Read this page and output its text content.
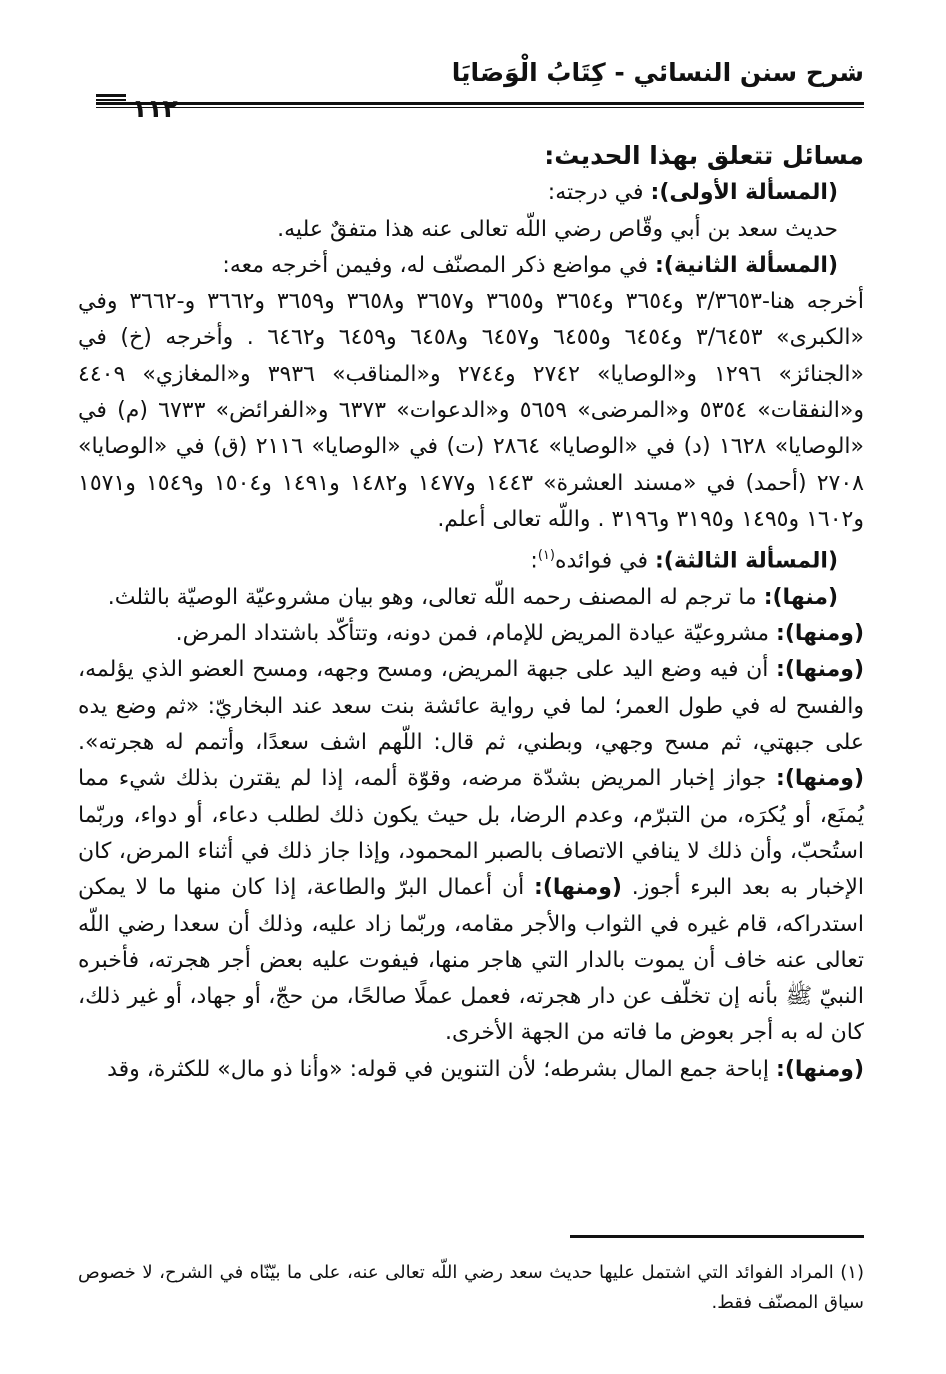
شرح سنن النسائي - كِتَابُ الْوَصَايَا
١١٢
مسائل تتعلق بهذا الحديث:

(المسألة الأولى): في درجته:

حديث سعد بن أبي وقّاص رضي اللّه تعالى عنه هذا متفقٌ عليه.

(المسألة الثانية): في مواضع ذكر المصنّف له، وفيمن أخرجه معه:

أخرجه هنا-٣/٣٦٥٣ و٣٦٥٤ و٣٦٥٤ و٣٦٥٥ و٣٦٥٧ و٣٦٥٨ و٣٦٥٩ و٣٦٦٢ و-٣٦٦٢ وفي «الكبرى» ٣/٦٤٥٣ و٦٤٥٤ و٦٤٥٥ و٦٤٥٧ و٦٤٥٨ و٦٤٥٩ و٦٤٦٢ . وأخرجه (خ) في «الجنائز» ١٢٩٦ و«الوصايا» ٢٧٤٢ و٢٧٤٤ و«المناقب» ٣٩٣٦ و«المغازي» ٤٤٠٩ و«النفقات» ٥٣٥٤ و«المرضى» ٥٦٥٩ و«الدعوات» ٦٣٧٣ و«الفرائض» ٦٧٣٣ (م) في «الوصايا» ١٦٢٨ (د) في «الوصايا» ٢٨٦٤ (ت) في «الوصايا» ٢١١٦ (ق) في «الوصايا» ٢٧٠٨ (أحمد) في «مسند العشرة» ١٤٤٣ و١٤٧٧ و١٤٨٢ و١٤٩١ و١٥٠٤ و١٥٤٩ و١٥٧١ و١٦٠٢ و١٤٩٥ و٣١٩٥ و٣١٩٦ . واللّه تعالى أعلم.

(المسألة الثالثة): في فوائده$^{(١)}$:

(منها): ما ترجم له المصنف رحمه اللّه تعالى، وهو بيان مشروعيّة الوصيّة بالثلث.

(ومنها): مشروعيّة عيادة المريض للإمام، فمن دونه، وتتأكّد باشتداد المرض.

(ومنها): أن فيه وضع اليد على جبهة المريض، ومسح وجهه، ومسح العضو الذي يؤلمه، والفسح له في طول العمر؛ لما في رواية عائشة بنت سعد عند البخاريّ: «ثم وضع يده على جبهتي، ثم مسح وجهي، وبطني، ثم قال: اللّهم اشف سعدًا، وأتمم له هجرته». (ومنها): جواز إخبار المريض بشدّة مرضه، وقوّة ألمه، إذا لم يقترن بذلك شيء مما يُمنَع، أو يُكرَه، من التبرّم، وعدم الرضا، بل حيث يكون ذلك لطلب دعاء، أو دواء، وربّما استُحبّ، وأن ذلك لا ينافي الاتصاف بالصبر المحمود، وإذا جاز ذلك في أثناء المرض، كان الإخبار به بعد البرء أجوز. (ومنها): أن أعمال البرّ والطاعة، إذا كان منها ما لا يمكن استدراكه، قام غيره في الثواب والأجر مقامه، وربّما زاد عليه، وذلك أن سعدا رضي اللّه تعالى عنه خاف أن يموت بالدار التي هاجر منها، فيفوت عليه بعض أجر هجرته، فأخبره النبيّ ﷺ بأنه إن تخلّف عن دار هجرته، فعمل عملًا صالحًا، من حجّ، أو جهاد، أو غير ذلك، كان له به أجر بعوض ما فاته من الجهة الأخرى.

(ومنها): إباحة جمع المال بشرطه؛ لأن التنوين في قوله: «وأنا ذو مال» للكثرة، وقد

(١) المراد الفوائد التي اشتمل عليها حديث سعد رضي اللّه تعالى عنه، على ما بيّنّاه في الشرح، لا خصوص سياق المصنّف فقط.
